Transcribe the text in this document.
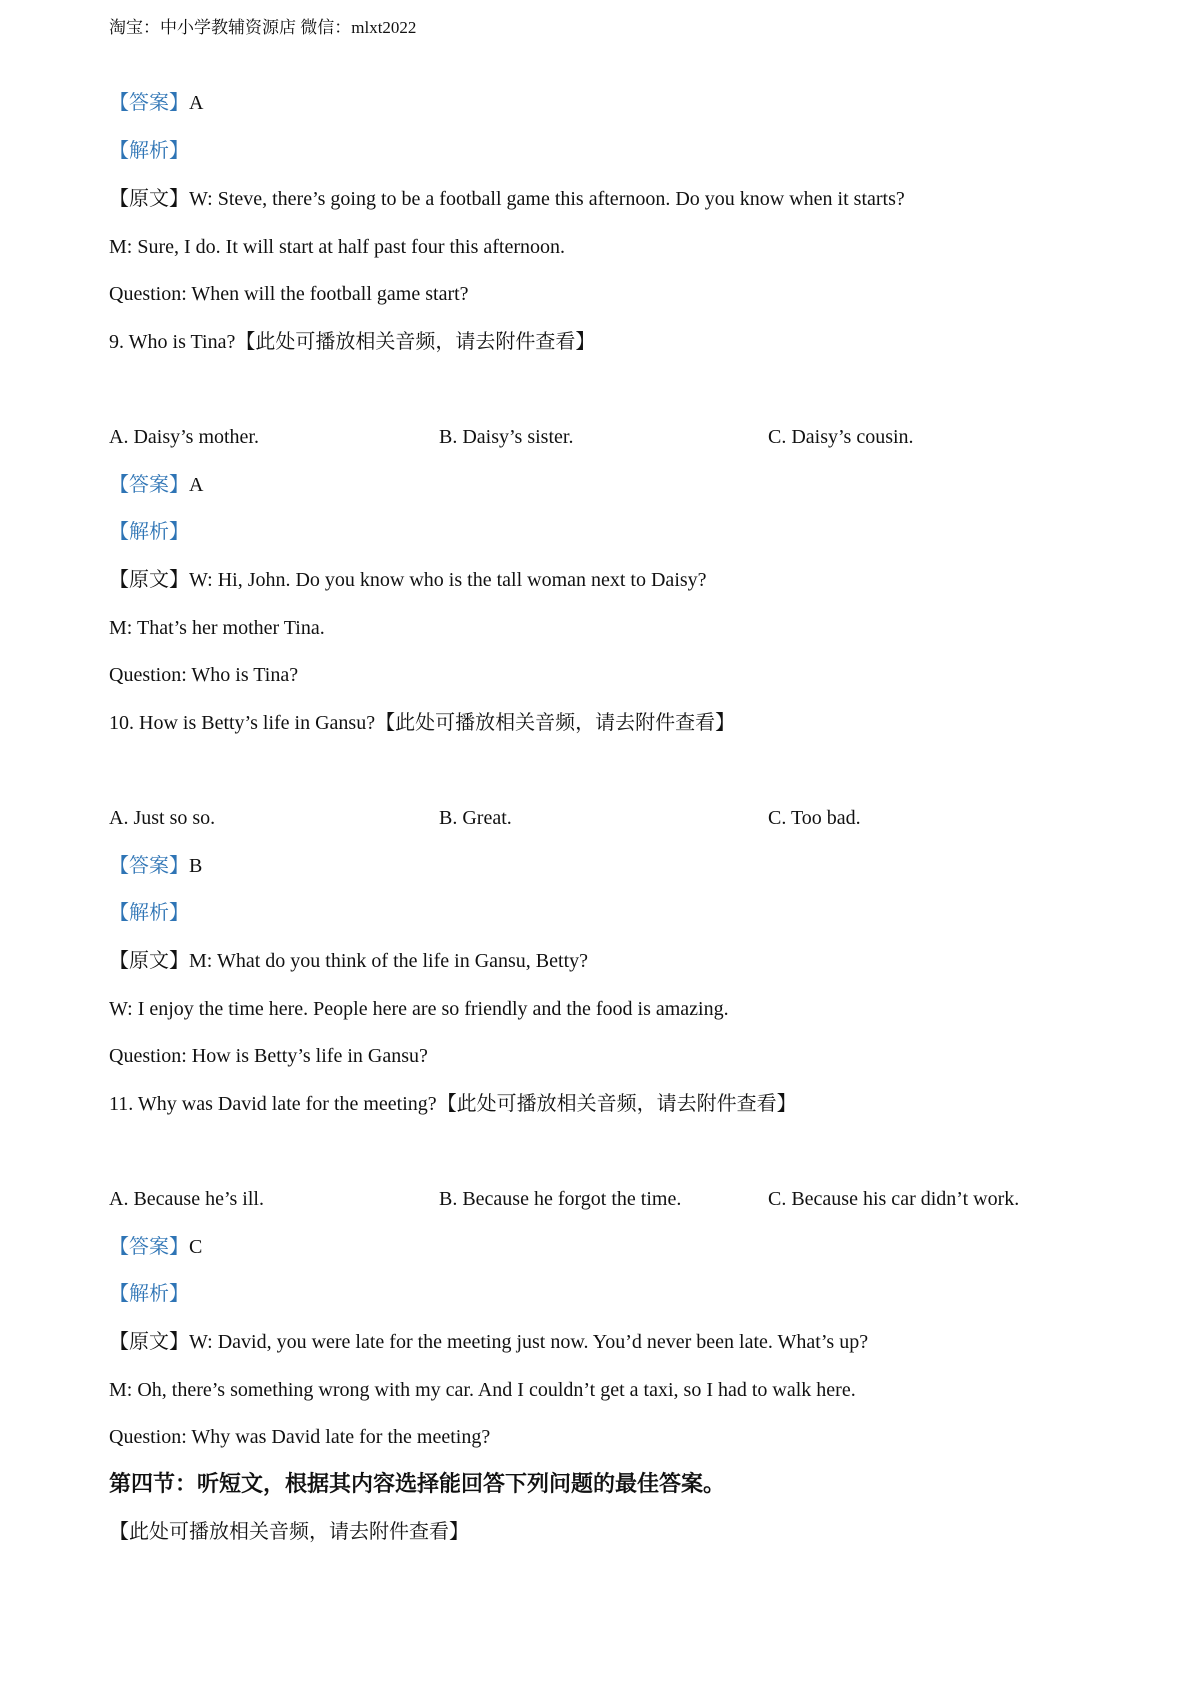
淘宝：中小学教辅资源店 微信：mlxt2022
【答案】A
【解析】
【原文】W: Steve, there’s going to be a football game this afternoon. Do you know when it starts?
M: Sure, I do. It will start at half past four this afternoon.
Question: When will the football game start?
9. Who is Tina?【此处可播放相关音频，请去附件查看】
A. Daisy’s mother.	B. Daisy’s sister.	C. Daisy’s cousin.
【答案】A
【解析】
【原文】W: Hi, John. Do you know who is the tall woman next to Daisy?
M: That’s her mother Tina.
Question: Who is Tina?
10. How is Betty’s life in Gansu?【此处可播放相关音频，请去附件查看】
A. Just so so.	B. Great.	C. Too bad.
【答案】B
【解析】
【原文】M: What do you think of the life in Gansu, Betty?
W: I enjoy the time here. People here are so friendly and the food is amazing.
Question: How is Betty’s life in Gansu?
11. Why was David late for the meeting?【此处可播放相关音频，请去附件查看】
A. Because he’s ill.	B. Because he forgot the time.	C. Because his car didn’t work.
【答案】C
【解析】
【原文】W: David, you were late for the meeting just now. You’d never been late. What’s up?
M: Oh, there’s something wrong with my car. And I couldn’t get a taxi, so I had to walk here.
Question: Why was David late for the meeting?
第四节：听短文，根据其内容选择能回答下列问题的最佳答案。
【此处可播放相关音频，请去附件查看】
